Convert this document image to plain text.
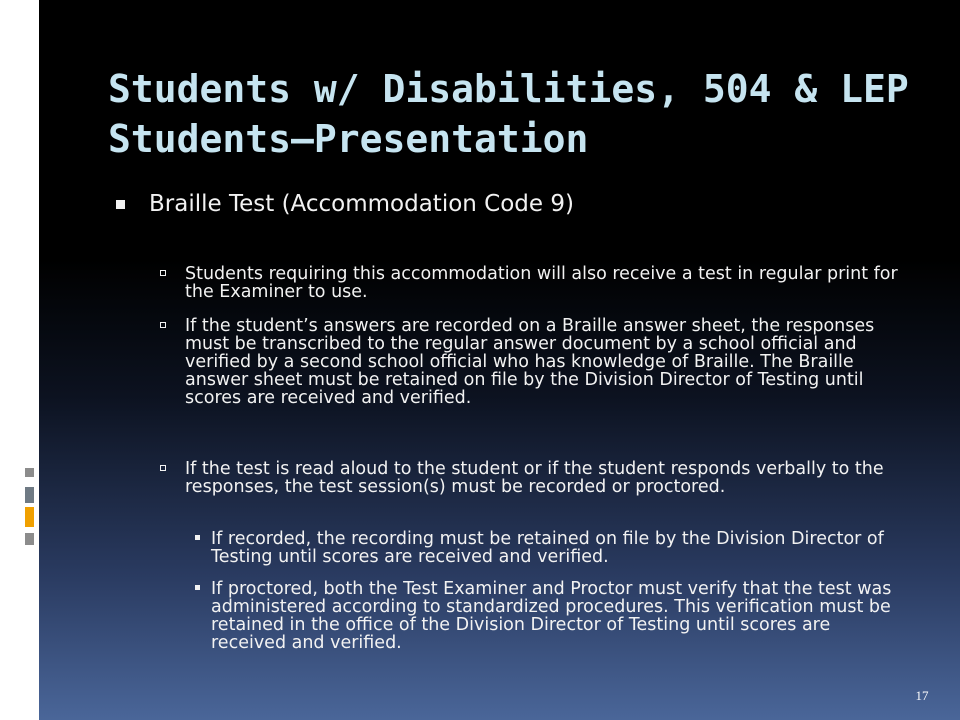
Students w/ Disabilities, 504 & LEP Students—Presentation
Braille Test (Accommodation Code 9)
Students requiring this accommodation will also receive a test in regular print for the Examiner to use.
If the student’s answers are recorded on a Braille answer sheet, the responses must be transcribed to the regular answer document by a school official and verified by a second school official who has knowledge of Braille. The Braille answer sheet must be retained on file by the Division Director of Testing until scores are received and verified.
If the test is read aloud to the student or if the student responds verbally to the responses, the test session(s) must be recorded or proctored.
If recorded, the recording must be retained on file by the Division Director of Testing until scores are received and verified.
If proctored, both the Test Examiner and Proctor must verify that the test was administered according to standardized procedures. This verification must be retained in the office of the Division Director of Testing until scores are received and verified.
17
